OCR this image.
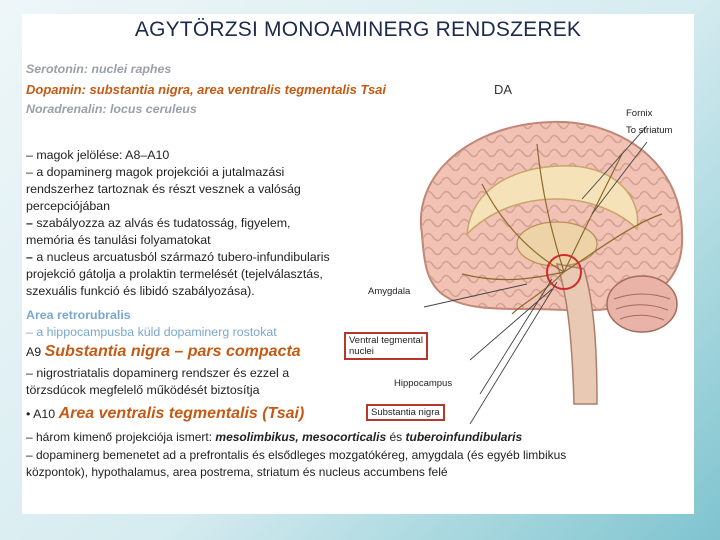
AGYTÖRZSI MONOAMINERG RENDSZEREK
Serotonin: nuclei raphes
Dopamin: substantia nigra, area ventralis tegmentalis Tsai
Noradrenalin: locus ceruleus
DA
Fornix
To striatum
Amygdala
Ventral tegmental
nuclei
Hippocampus
Substantia nigra
– magok jelölése: A8–A10
– a dopaminerg magok projekciói a jutalmazási
rendszerhez tartoznak és részt vesznek a valóság
percepciójában
– szabályozza az alvás és tudatosság, figyelem,
memória és tanulási folyamatokat
– a nucleus arcuatusból származó tubero-infundibularis
projekció gátolja a prolaktin termelését (tejelválasztás,
szexuális funkció és libidó szabályozása).
Area retrorubralis
– a hippocampusba küld dopaminerg rostokat
A9 Substantia nigra – pars compacta
– nigrostriatalis dopaminerg rendszer és ezzel a
törzsdúcok megfelelő működését biztosítja
• A10 Area ventralis tegmentalis (Tsai)
– három kimenő projekciója ismert: mesolimbikus, mesocorticalis és tuberoinfundibularis
– dopaminerg bemenetet ad a prefrontalis és elsődleges mozgatókéreg, amygdala (és egyéb limbikus
központok), hypothalamus, area postrema, striatum és nucleus accumbens felé
